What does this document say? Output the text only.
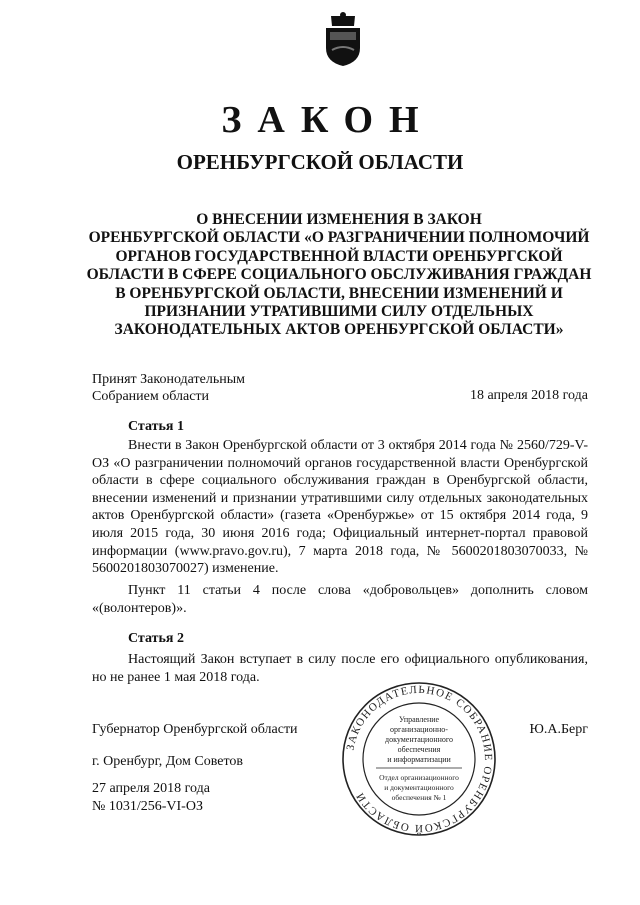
ЗАКОН
ОРЕНБУРГСКОЙ ОБЛАСТИ
О ВНЕСЕНИИ ИЗМЕНЕНИЯ В ЗАКОН
ОРЕНБУРГСКОЙ ОБЛАСТИ «О РАЗГРАНИЧЕНИИ ПОЛНОМОЧИЙ
ОРГАНОВ ГОСУДАРСТВЕННОЙ ВЛАСТИ ОРЕНБУРГСКОЙ
ОБЛАСТИ В СФЕРЕ СОЦИАЛЬНОГО ОБСЛУЖИВАНИЯ ГРАЖДАН
В ОРЕНБУРГСКОЙ ОБЛАСТИ, ВНЕСЕНИИ ИЗМЕНЕНИЙ И
ПРИЗНАНИИ УТРАТИВШИМИ СИЛУ ОТДЕЛЬНЫХ
ЗАКОНОДАТЕЛЬНЫХ АКТОВ ОРЕНБУРГСКОЙ ОБЛАСТИ»
Принят Законодательным
Собранием области	18 апреля 2018 года
Статья 1

Внести в Закон Оренбургской области от 3 октября 2014 года № 2560/729-V-ОЗ «О разграничении полномочий органов государственной власти Оренбургской области в сфере социального обслуживания граждан в Оренбургской области, внесении изменений и признании утратившими силу отдельных законодательных актов Оренбургской области» (газета «Оренбуржье» от 15 октября 2014 года, 9 июля 2015 года, 30 июня 2016 года; Официальный интернет-портал правовой информации (www.pravo.gov.ru), 7 марта 2018 года, № 5600201803070033, № 5600201803070027) изменение.

Пункт 11 статьи 4 после слова «добровольцев» дополнить словом «(волонтеров)».

Статья 2

Настоящий Закон вступает в силу после его официального опубликования, но не ранее 1 мая 2018 года.

Губернатор Оренбургской области	Ю.А.Берг
г. Оренбург, Дом Советов
27 апреля 2018 года
№ 1031/256-VI-ОЗ
ЗАКОНОДАТЕЛЬНОЕ СОБРАНИЕ ОРЕНБУРГСКОЙ ОБЛАСТИ
Управление
организационно-
документационного
обеспечения
и информатизации
Отдел организационного
и документационного
обеспечения № 1
